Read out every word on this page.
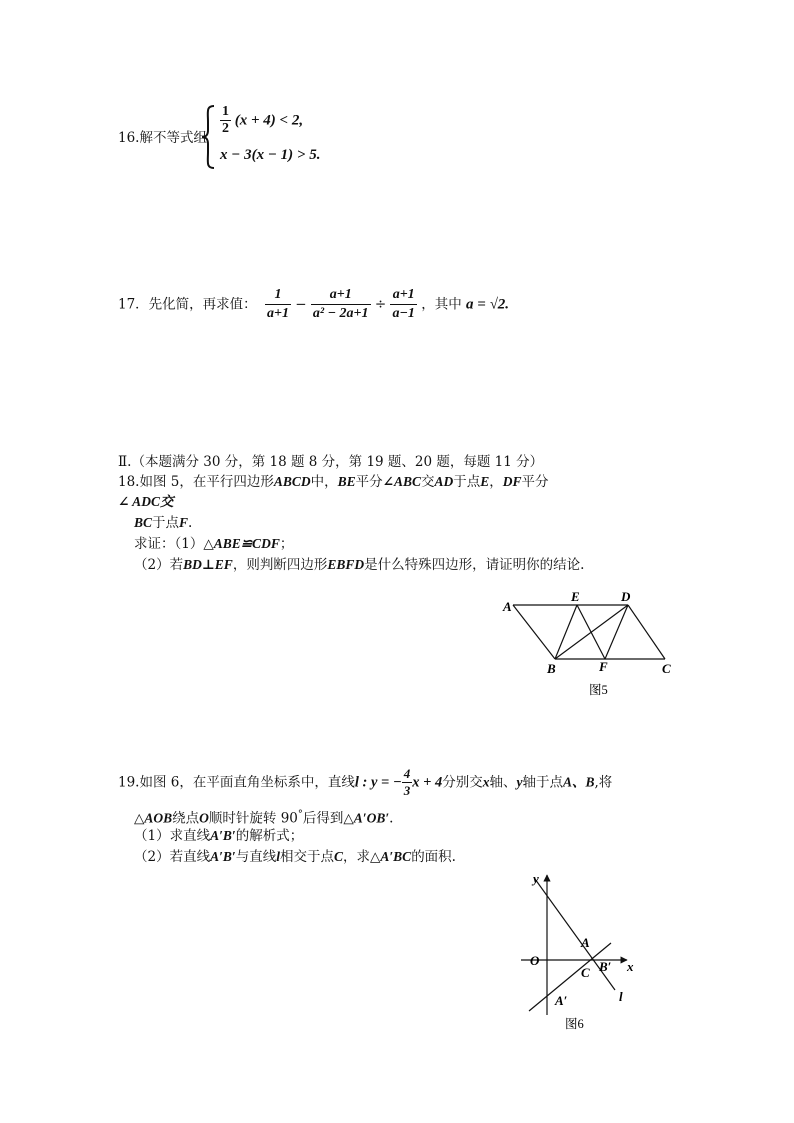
16.解不等式组
$\frac{1}{2} (x + 4) < 2$,
x − 3(x − 1) > 5.
17．先化简，再求值： $\frac{1}{a+1} - \frac{a+1}{\text{a² − 2a+1}} \div \frac{a+1}{a-1}$ ，其中 a = √2.
Ⅱ.（本题满分 30 分，第 18 题 8 分，第 19 题、20 题，每题 11 分）
18.如图 5，在平行四边形ABCD中，BE平分∠ABC交AD于点E，DF平分
∠ ADC交
BC于点F.
求证：（1）△ABE≌CDF；
（2）若BD⊥EF，则判断四边形EBFD是什么特殊四边形，请证明你的结论.
A
E	D
B	F	C
图5
19.如图 6，在平面直角坐标系中，直线l : y = − $\frac{4}{3}$ x + 4分别交x轴、y轴于点A、B,将
△AOB绕点O顺时针旋转 90°后得到△A′OB′.
（1）求直线A′B′的解析式；
（2）若直线A′B′与直线l相交于点C，求△A′BC的面积.
y
x
O
A
C B′
A′	l
图6
